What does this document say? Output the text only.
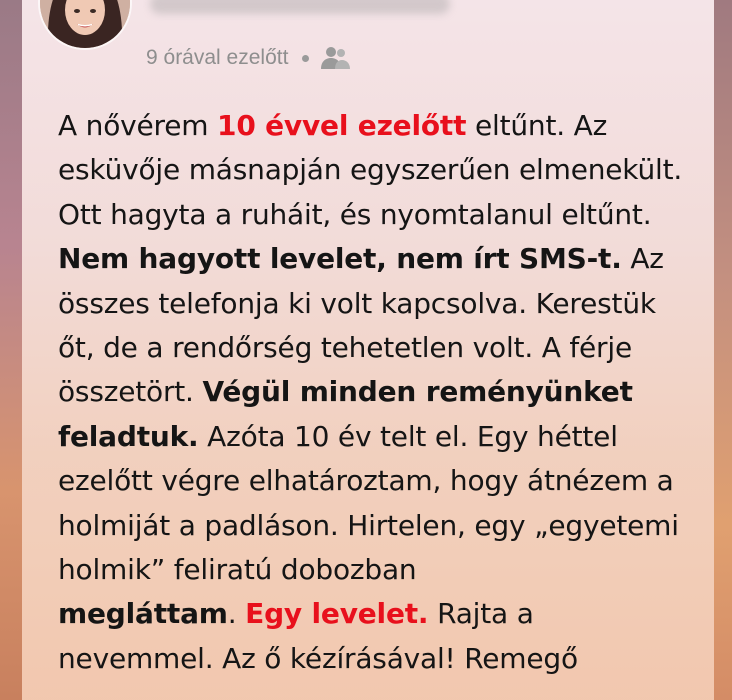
9 órával ezelőtt

A nővérem 10 évvel ezelőtt eltűnt. Az esküvője másnapján egyszerűen elmenekült. Ott hagyta a ruháit, és nyomtalanul eltűnt. Nem hagyott levelet, nem írt SMS-t. Az összes telefonja ki volt kapcsolva. Kerestük őt, de a rendőrség tehetetlen volt. A férje összetört. Végül minden reményünket feladtuk. Azóta 10 év telt el. Egy héttel ezelőtt végre elhatároztam, hogy átnézem a holmiját a padláson. Hirtelen, egy „egyetemi holmik” feliratú dobozban
megláttam. Egy levelet. Rajta a nevemmel. Az ő kézírásával! Remegő
